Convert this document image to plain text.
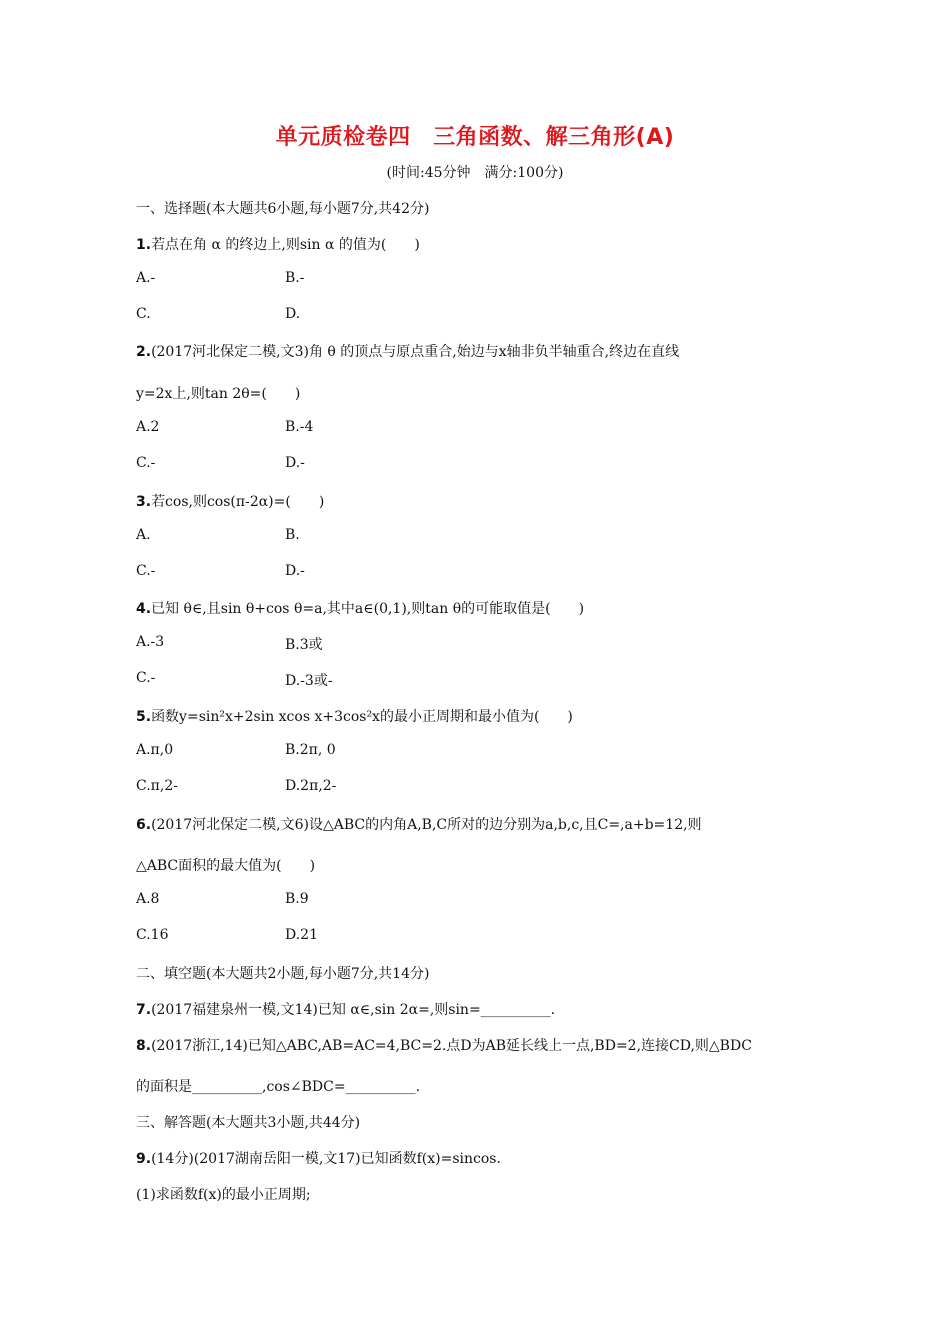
单元质检卷四　三角函数、解三角形(A)
(时间:45分钟　满分:100分)
一、选择题(本大题共6小题,每小题7分,共42分)
1.若点在角 α 的终边上,则sin α 的值为(　　)
A.-	B.-
C.	D.
2.(2017河北保定二模,文3)角 θ 的顶点与原点重合,始边与x轴非负半轴重合,终边在直线
y=2x上,则tan 2θ=(　　)
A.2	B.-4
C.-	D.-
3.若cos,则cos(π-2α)=(　　)
A.	B.
C.-	D.-
4.已知 θ∈,且sin θ+cos θ=a,其中a∈(0,1),则tan θ的可能取值是(　　)
A.-3	B.3或
C.-	D.-3或-
5.函数y=sin²x+2sin xcos x+3cos²x的最小正周期和最小值为(　　)
A.π,0	B.2π, 0
C.π,2-	D.2π,2-
6.(2017河北保定二模,文6)设△ABC的内角A,B,C所对的边分别为a,b,c,且C=,a+b=12,则
△ABC面积的最大值为(　　)
A.8	B.9
C.16	D.21
二、填空题(本大题共2小题,每小题7分,共14分)
7.(2017福建泉州一模,文14)已知 α∈,sin 2α=,则sin=__________.
8.(2017浙江,14)已知△ABC,AB=AC=4,BC=2.点D为AB延长线上一点,BD=2,连接CD,则△BDC
的面积是__________,cos∠BDC=__________.
三、解答题(本大题共3小题,共44分)
9.(14分)(2017湖南岳阳一模,文17)已知函数f(x)=sincos.
(1)求函数f(x)的最小正周期;
